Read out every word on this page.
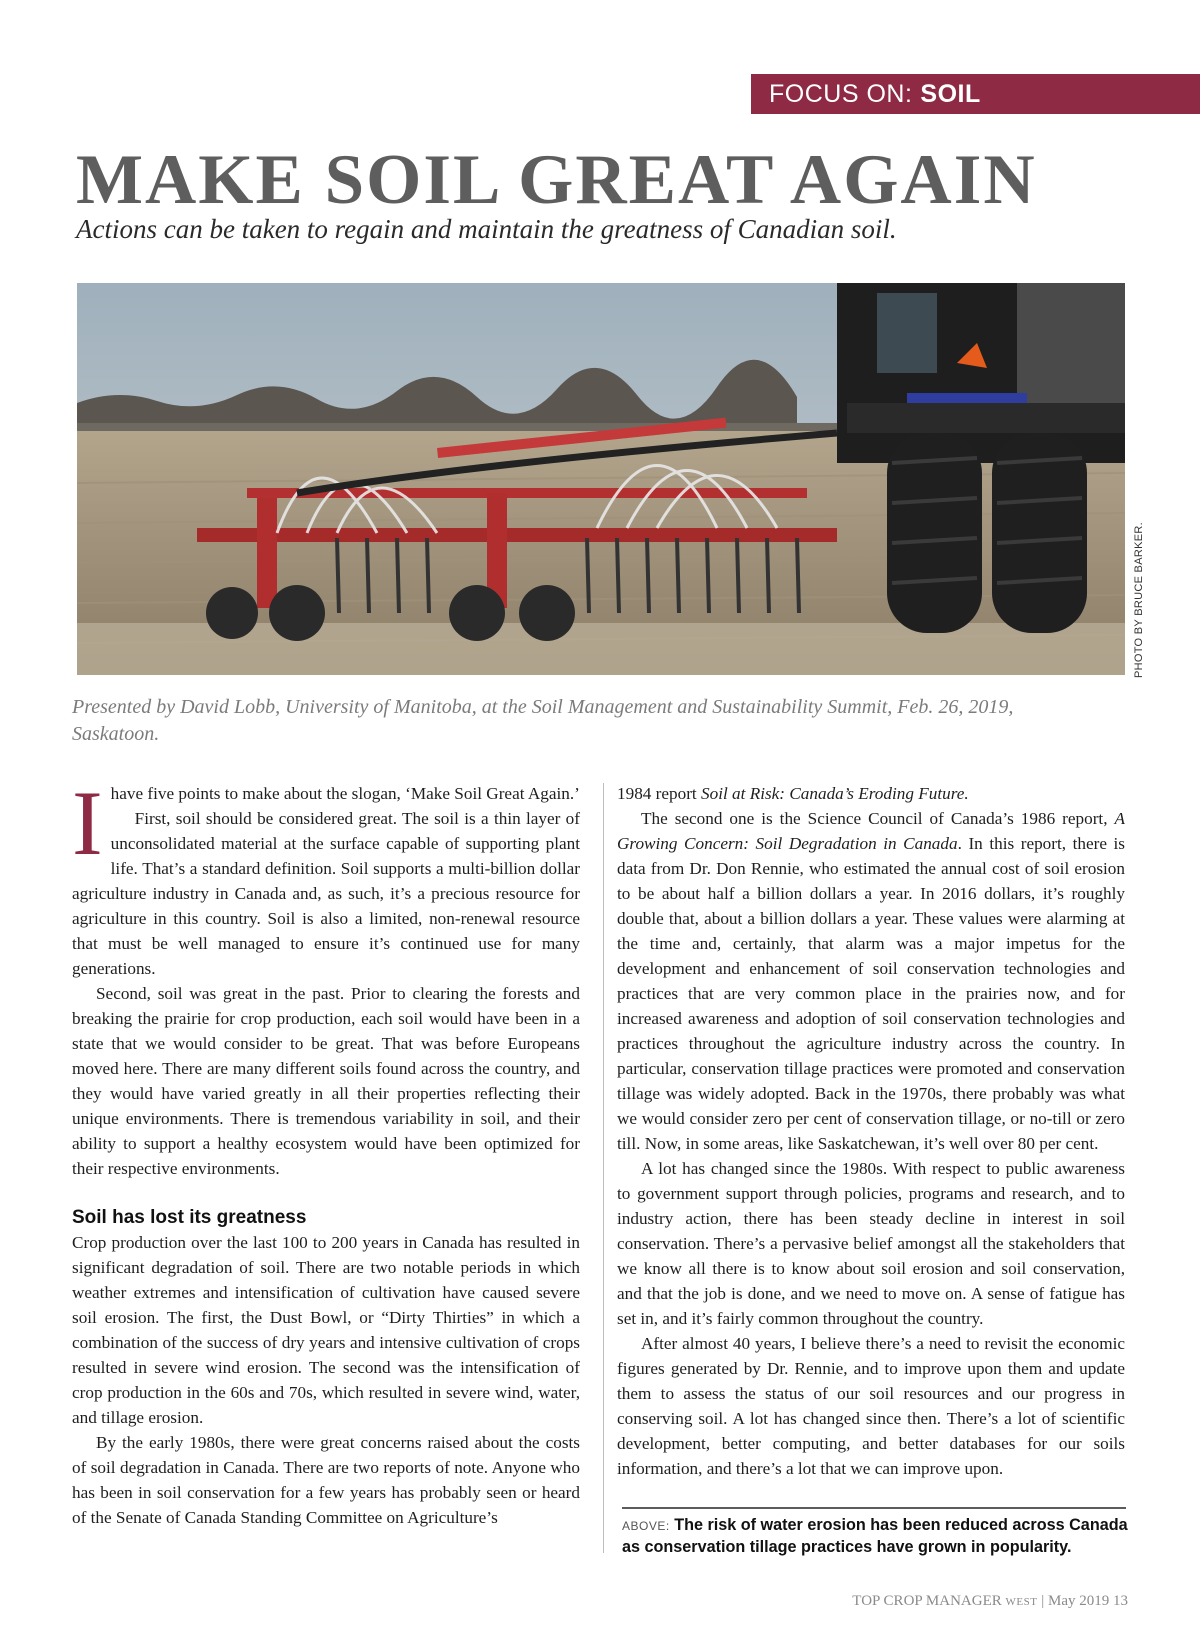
FOCUS ON: SOIL
MAKE SOIL GREAT AGAIN
Actions can be taken to regain and maintain the greatness of Canadian soil.
PHOTO BY BRUCE BARKER.
Presented by David Lobb, University of Manitoba, at the Soil Management and Sustainability Summit, Feb. 26, 2019, Saskatoon.

Ihave five points to make about the slogan, ‘Make Soil Great Again.’

First, soil should be considered great. The soil is a thin layer of unconsolidated material at the surface capable of supporting plant life. That’s a standard definition. Soil supports a multi-billion dollar agriculture industry in Canada and, as such, it’s a precious resource for agriculture in this country. Soil is also a limited, non-renewal resource that must be well managed to ensure it’s continued use for many generations.

Second, soil was great in the past. Prior to clearing the forests and breaking the prairie for crop production, each soil would have been in a state that we would consider to be great. That was before Europeans moved here. There are many different soils found across the country, and they would have varied greatly in all their properties reflecting their unique environments. There is tremendous variability in soil, and their ability to support a healthy ecosystem would have been optimized for their respective environments.

Soil has lost its greatness

Crop production over the last 100 to 200 years in Canada has resulted in significant degradation of soil. There are two notable periods in which weather extremes and intensification of cultivation have caused severe soil erosion. The first, the Dust Bowl, or “Dirty Thirties” in which a combination of the success of dry years and intensive cultivation of crops resulted in severe wind erosion. The second was the intensification of crop production in the 60s and 70s, which resulted in severe wind, water, and tillage erosion.

By the early 1980s, there were great concerns raised about the costs of soil degradation in Canada. There are two reports of note. Anyone who has been in soil conservation for a few years has probably seen or heard of the Senate of Canada Standing Committee on Agriculture’s

1984 report Soil at Risk: Canada’s Eroding Future.

The second one is the Science Council of Canada’s 1986 report, A Growing Concern: Soil Degradation in Canada. In this report, there is data from Dr. Don Rennie, who estimated the annual cost of soil erosion to be about half a billion dollars a year. In 2016 dollars, it’s roughly double that, about a billion dollars a year. These values were alarming at the time and, certainly, that alarm was a major impetus for the development and enhancement of soil conservation technologies and practices that are very common place in the prairies now, and for increased awareness and adoption of soil conservation technologies and practices throughout the agriculture industry across the country. In particular, conservation tillage practices were promoted and conservation tillage was widely adopted. Back in the 1970s, there probably was what we would consider zero per cent of conservation tillage, or no-till or zero till. Now, in some areas, like Saskatchewan, it’s well over 80 per cent.

A lot has changed since the 1980s. With respect to public awareness to government support through policies, programs and research, and to industry action, there has been steady decline in interest in soil conservation. There’s a pervasive belief amongst all the stakeholders that we know all there is to know about soil erosion and soil conservation, and that the job is done, and we need to move on. A sense of fatigue has set in, and it’s fairly common throughout the country.

After almost 40 years, I believe there’s a need to revisit the economic figures generated by Dr. Rennie, and to improve upon them and update them to assess the status of our soil resources and our progress in conserving soil. A lot has changed since then. There’s a lot of scientific development, better computing, and better databases for our soils information, and there’s a lot that we can improve upon.

ABOVE: The risk of water erosion has been reduced across Canada as conservation tillage practices have grown in popularity.
TOP CROP MANAGER WEST | May 2019 13
